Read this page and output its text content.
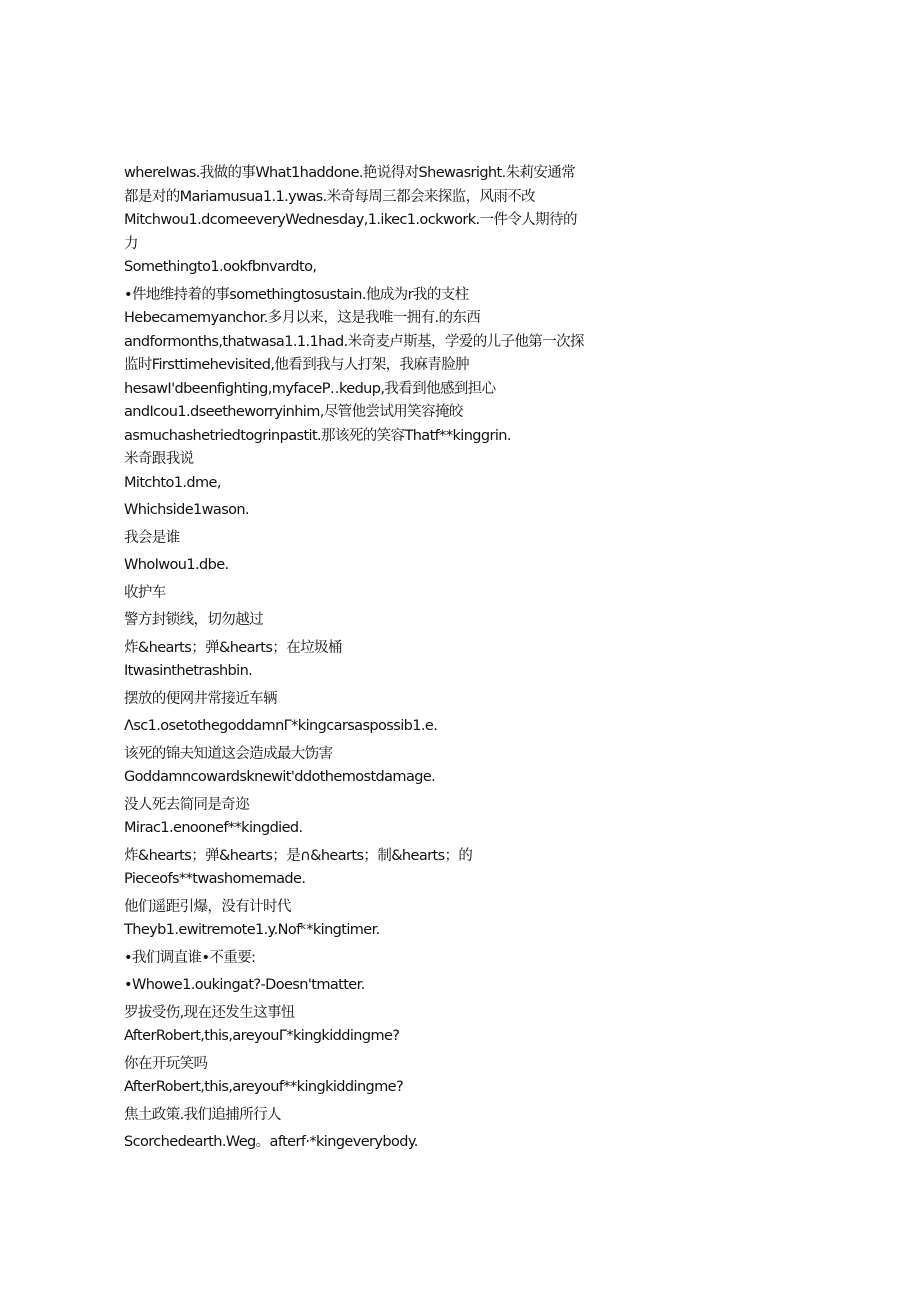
whereIwas.我做的事What1haddone.艳说得对Shewasright.朱莉安通常

都是对的Mariamusua1.1.ywas.米奇每周三都会来探监，风雨不改

Mitchwou1.dcomeeveryWednesday,1.ikec1.ockwork.一件令人期待的

力

Somethingto1.ookfbnvardto,

•件地维持着的事somethingtosustain.他成为r我的支柱

Hebecamemyanchor.多月以来，这是我唯一拥有.的东西

andformonths,thatwasa1.1.1had.米奇麦卢斯基，学爱的儿子他第一次探

监时Firsttimehevisited,他看到我与人打架，我麻青脸肿

hesawI'dbeenfighting,myfaceP‥kedup,我看到他感到担心

andIcou1.dseetheworryinhim,尽管他尝试用笑容掩皎

asmuchashetriedtogrinpastit.那该死的笑容Thatf**kinggrin.

米奇跟我说

Mitchto1.dme,

Whichside1wason.

我会是谁

WhoIwou1.dbe.

收护车

警方封锁线，切勿越过

炸&hearts；弹&hearts；在垃圾桶

Itwasinthetrashbin.

摆放的便网井常接近车辆

Λsc1.osetothegoddamnΓ*kingcarsaspossib1.e.

该死的锦夫知道这会造成最大饬害

Goddamncowardsknewit'ddothemostdamage.

没人死去简同是奇迩

Mirac1.enoonef**kingdied.

炸&hearts；弹&hearts；是∩&hearts；制&hearts；的

Pieceofs**twashomemade.

他们遥距引爆，没有计时代

Theyb1.ewitremote1.y.Nofᵏ*kingtimer.

•我们调直谁•不重要:

•Whowe1.oukingat?-Doesn'tmatter.

罗拔受伤,现在还发生这事忸

AfterRobert,this,areyouΓ*kingkiddingme?

你在开玩笑吗

AfterRobert,this,areyouf**kingkiddingme?

焦土政策.我们追捕所行人

Scorchedearth.Weg。afterf·*kingeverybody.
